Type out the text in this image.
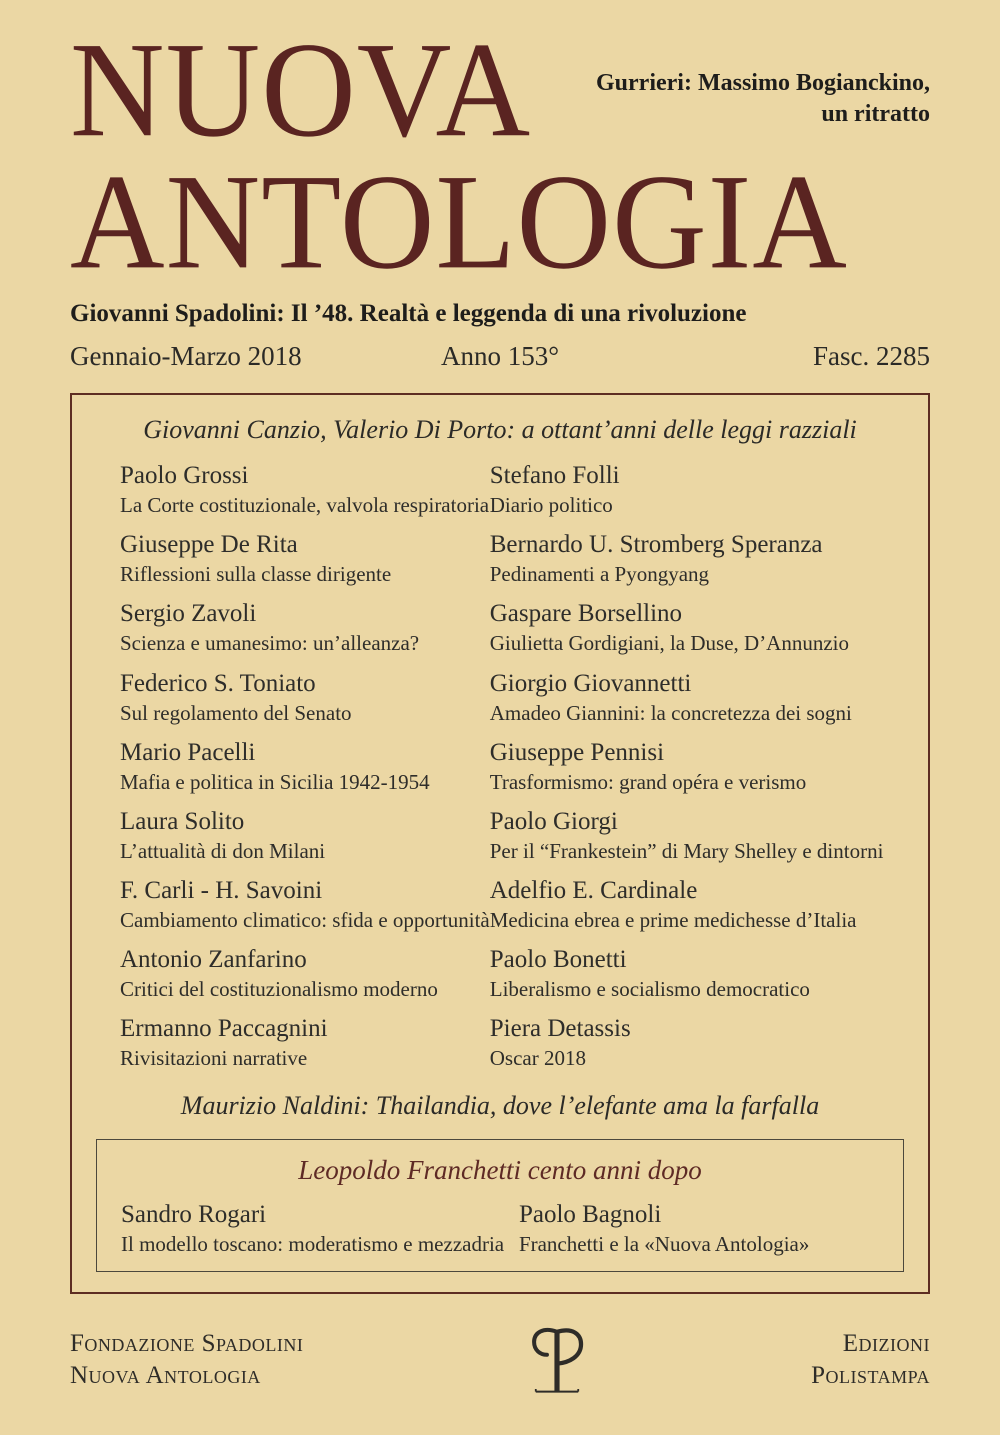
Gurrieri: Massimo Bogianckino,
un ritratto
NUOVA
ANTOLOGIA
Giovanni Spadolini: Il ’48. Realtà e leggenda di una rivoluzione
Gennaio-Marzo 2018	Anno 153°	Fasc. 2285
Giovanni Canzio, Valerio Di Porto: a ottant’anni delle leggi razziali
Paolo Grossi
La Corte costituzionale, valvola respiratoria
Giuseppe De Rita
Riflessioni sulla classe dirigente
Sergio Zavoli
Scienza e umanesimo: un’alleanza?
Federico S. Toniato
Sul regolamento del Senato
Mario Pacelli
Mafia e politica in Sicilia 1942-1954
Laura Solito
L’attualità di don Milani
F. Carli - H. Savoini
Cambiamento climatico: sfida e opportunità
Antonio Zanfarino
Critici del costituzionalismo moderno
Ermanno Paccagnini
Rivisitazioni narrative
Stefano Folli
Diario politico
Bernardo U. Stromberg Speranza
Pedinamenti a Pyongyang
Gaspare Borsellino
Giulietta Gordigiani, la Duse, D’Annunzio
Giorgio Giovannetti
Amadeo Giannini: la concretezza dei sogni
Giuseppe Pennisi
Trasformismo: grand opéra e verismo
Paolo Giorgi
Per il “Frankestein” di Mary Shelley e dintorni
Adelfio E. Cardinale
Medicina ebrea e prime medichesse d’Italia
Paolo Bonetti
Liberalismo e socialismo democratico
Piera Detassis
Oscar 2018
Maurizio Naldini: Thailandia, dove l’elefante ama la farfalla
Leopoldo Franchetti cento anni dopo
Sandro Rogari
Il modello toscano: moderatismo e mezzadria
Paolo Bagnoli
Franchetti e la «Nuova Antologia»
Fondazione Spadolini
Nuova Antologia
Edizioni
Polistampa
